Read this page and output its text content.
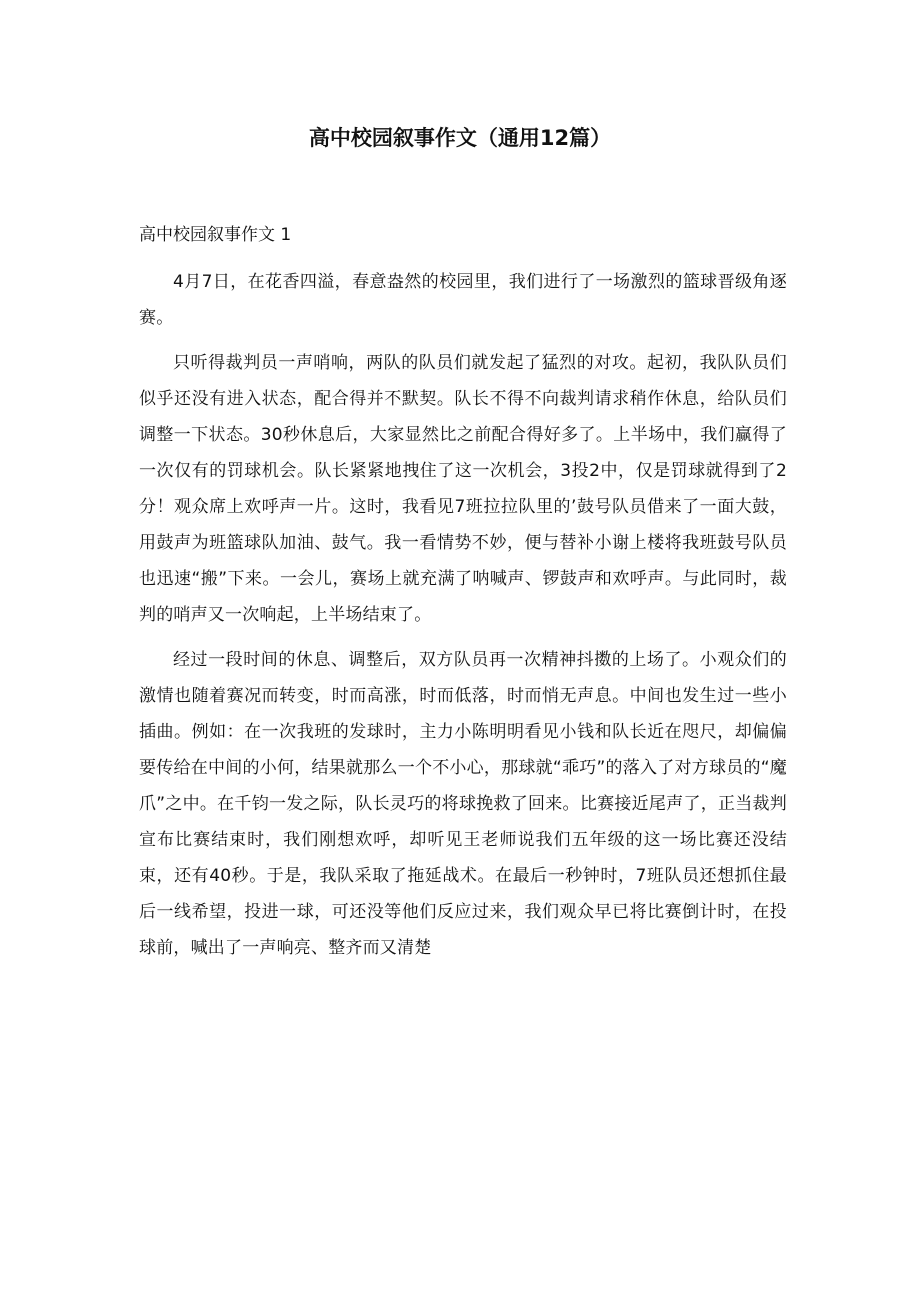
高中校园叙事作文（通用12篇）

高中校园叙事作文 1

4月7日，在花香四溢，春意盎然的校园里，我们进行了一场激烈的篮球晋级角逐赛。

只听得裁判员一声哨响，两队的队员们就发起了猛烈的对攻。起初，我队队员们似乎还没有进入状态，配合得并不默契。队长不得不向裁判请求稍作休息，给队员们调整一下状态。30秒休息后，大家显然比之前配合得好多了。上半场中，我们赢得了一次仅有的罚球机会。队长紧紧地拽住了这一次机会，3投2中，仅是罚球就得到了2分！观众席上欢呼声一片。这时，我看见7班拉拉队里的’鼓号队员借来了一面大鼓，用鼓声为班篮球队加油、鼓气。我一看情势不妙，便与替补小谢上楼将我班鼓号队员也迅速“搬”下来。一会儿，赛场上就充满了呐喊声、锣鼓声和欢呼声。与此同时，裁判的哨声又一次响起，上半场结束了。

经过一段时间的休息、调整后，双方队员再一次精神抖擞的上场了。小观众们的激情也随着赛况而转变，时而高涨，时而低落，时而悄无声息。中间也发生过一些小插曲。例如：在一次我班的发球时，主力小陈明明看见小钱和队长近在咫尺，却偏偏要传给在中间的小何，结果就那么一个不小心，那球就“乖巧”的落入了对方球员的“魔爪”之中。在千钧一发之际，队长灵巧的将球挽救了回来。比赛接近尾声了，正当裁判宣布比赛结束时，我们刚想欢呼，却听见王老师说我们五年级的这一场比赛还没结束，还有40秒。于是，我队采取了拖延战术。在最后一秒钟时，7班队员还想抓住最后一线希望，投进一球，可还没等他们反应过来，我们观众早已将比赛倒计时，在投球前，喊出了一声响亮、整齐而又清楚
